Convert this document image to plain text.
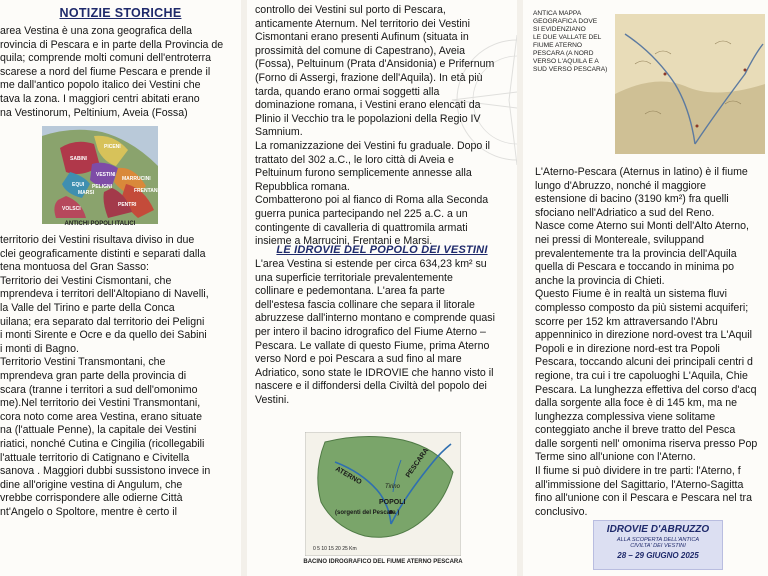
NOTIZIE STORICHE

area Vestina è una zona geografica della

rovincia di Pescara e in parte della Provincia de

quila; comprende molti comuni dell'entroterra

scarese a nord del fiume Pescara e prende il

me dall'antico popolo italico dei Vestini che

tava la zona. I maggiori centri abitati erano

na Vestinorum, Peltinium, Aveia (Fossa)

PICENI
SABINI
VESTINI
EQUI PELIGNI
MARSI
MARRUCINI
FRENTANI
PENTRI
VOLSCI
ANTICHI POPOLI ITALICI

territorio dei Vestini risultava diviso in due

clei geograficamente distinti e separati dalla

tena montuosa del Gran Sasso:

Territorio dei Vestini Cismontani, che

mprendeva i territori dell'Altopiano di Navelli,

la Valle del Tirino e parte della Conca

uilana; era separato dal territorio dei Peligni

i monti Sirente e Ocre e da quello dei Sabini

i monti di Bagno.

Territorio Vestini Transmontani, che

mprendeva gran parte della provincia di

scara (tranne i territori a sud dell'omonimo

me).Nel territorio dei Vestini Transmontani,

cora noto come area Vestina, erano situate

na (l'attuale Penne), la capitale dei Vestini

riatici, nonché Cutina e Cingilia (ricollegabili

l'attuale territorio di Catignano e Civitella

sanova . Maggiori dubbi sussistono invece in

dine all'origine vestina di Angulum, che

vrebbe corrispondere alle odierne Città

nt'Angelo o Spoltore, mentre è certo il

controllo dei Vestini sul porto di Pescara,

anticamente Aternum. Nel territorio dei Vestini

Cismontani erano presenti Aufinum (situata in

prossimità del comune di Capestrano), Aveia

(Fossa), Peltuinum (Prata d'Ansidonia) e Prifernum

(Forno di Assergi, frazione dell'Aquila). In età più

tarda, quando erano ormai soggetti alla

dominazione romana, i Vestini erano elencati da

Plinio il Vecchio tra le popolazioni della Regio IV

Samnium.

La romanizzazione dei Vestini fu graduale. Dopo il

trattato del 302 a.C., le loro città di Aveia e

Peltuinum furono semplicemente annesse alla

Repubblica romana.

Combatterono poi al fianco di Roma alla Seconda

guerra punica partecipando nel 225 a.C. a un

contingente di cavalleria di quattromila armati

insieme a Marrucini, Frentani e Marsi.

LE IDROVIE DEL POPOLO DEI VESTINI

L'area Vestina si estende per circa 634,23 km² su

una superficie territoriale prevalentemente

collinare e pedemontana. L'area fa parte

dell'estesa fascia collinare che separa il litorale

abruzzese dall'interno montano e comprende quasi

per intero il bacino idrografico del Fiume Aterno –

Pescara. Le vallate di questo Fiume, prima Aterno

verso Nord e poi Pescara a sud fino al mare

Adriatico, sono state le IDROVIE che hanno visto il

nascere e il diffondersi della Civiltà del popolo dei

Vestini.

ATERNO	PESCARA
Tirino
POPOLI
(sorgenti del Pescara )
0 5 10 15 20 25 Km
BACINO IDROGRAFICO DEL FIUME ATERNO PESCARA
ANTICA MAPPA
GEOGRAFICA DOVE
SI EVIDENZIANO
LE DUE VALLATE DEL
FIUME ATERNO
PESCARA (A NORD
VERSO L'AQUILA E A
SUD VERSO PESCARA)

L'Aterno-Pescara (Aternus in latino) è il fiume

lungo d'Abruzzo, nonché il maggiore

estensione di bacino (3190 km²) fra quelli

sfociano nell'Adriatico a sud del Reno.

Nasce come Aterno sui Monti dell'Alto Aterno,

nei pressi di Montereale, sviluppand

prevalentemente tra la provincia dell'Aquila

quella di Pescara e toccando in minima po

anche la provincia di Chieti.

Questo Fiume è in realtà un sistema fluvi

complesso composto da più sistemi acquiferi;

scorre per 152 km attraversando l'Abru

appenninico in direzione nord-ovest tra L'Aquil

Popoli e in direzione nord-est tra Popoli

Pescara, toccando alcuni dei principali centri d

regione, tra cui i tre capoluoghi L'Aquila, Chie

Pescara. La lunghezza effettiva del corso d'acq

dalla sorgente alla foce è di 145 km, ma ne

lunghezza complessiva viene solitame

conteggiato anche il breve tratto del Pesca

dalle sorgenti nell' omonima riserva presso Pop

Terme sino all'unione con l'Aterno.

Il fiume si può dividere in tre parti: l'Aterno, f

all'immissione del Sagittario, l'Aterno-Sagitta

fino all'unione con il Pescara e Pescara nel tra

conclusivo.

IDROVIE D'ABRUZZO
ALLA SCOPERTA DELL'ANTICA
CIVILTA' DEI VESTINI
28 – 29 GIUGNO 2025
